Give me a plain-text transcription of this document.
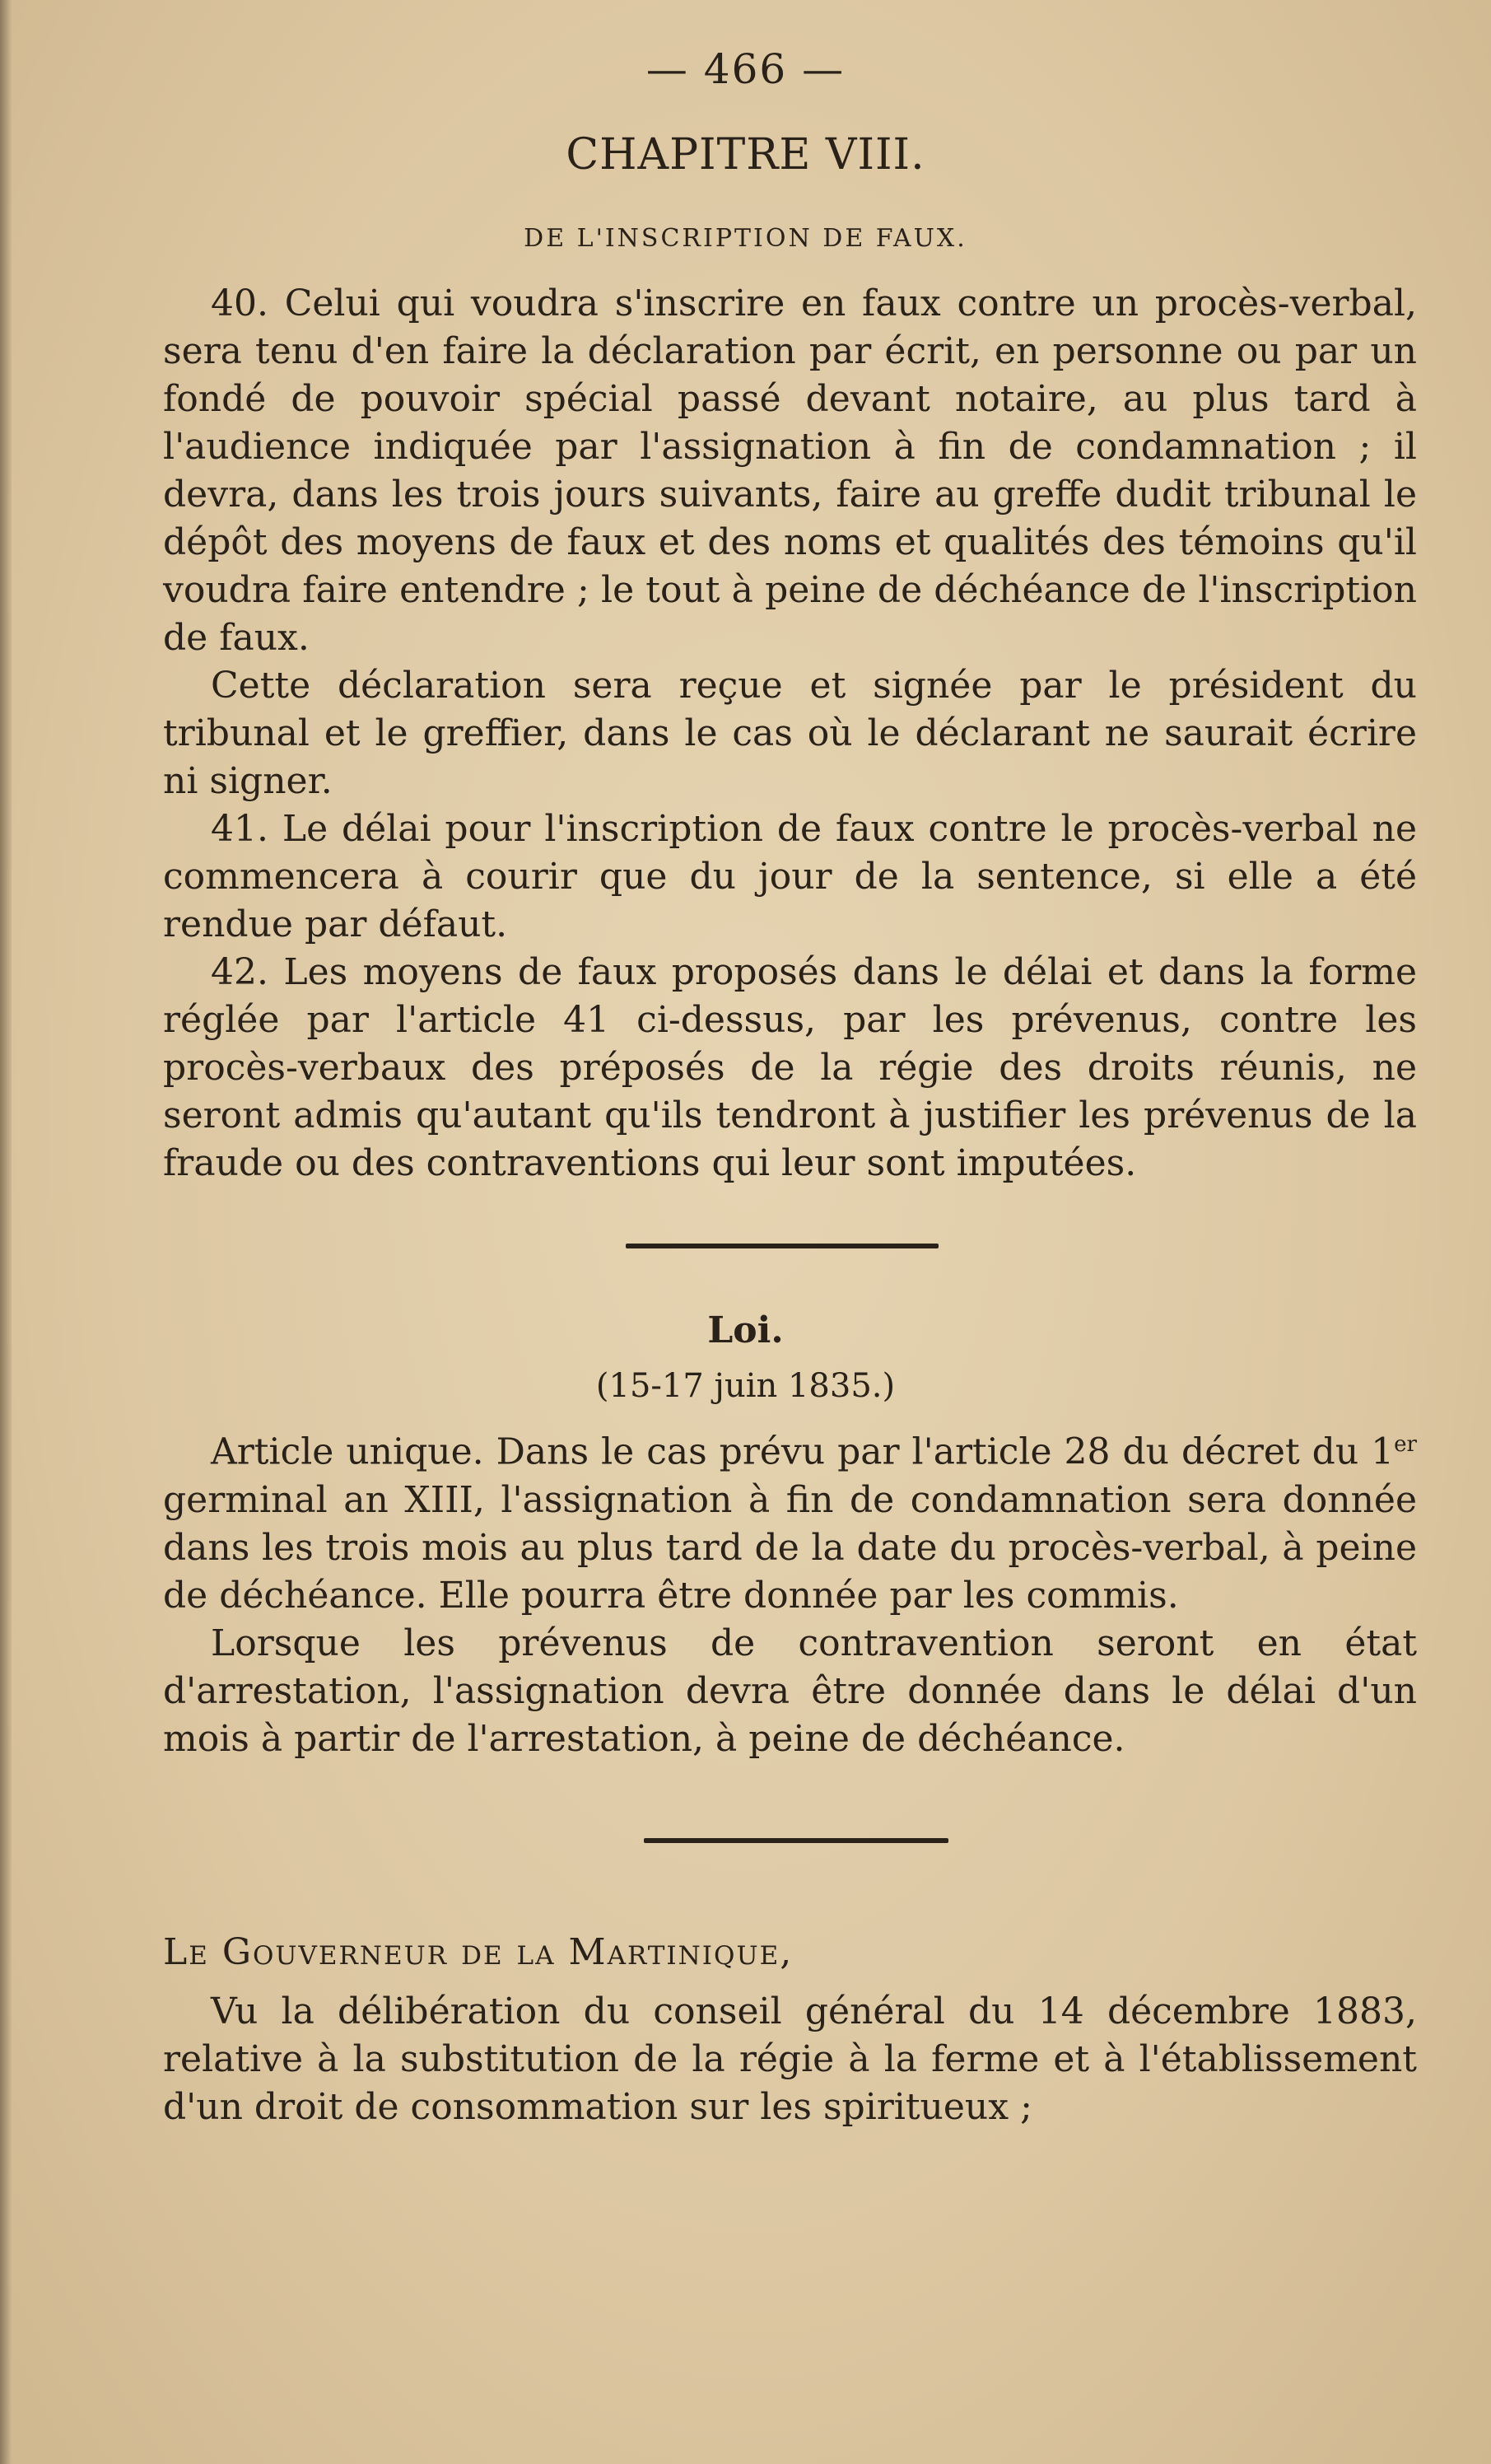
— 466 —
CHAPITRE VIII.
DE L'INSCRIPTION DE FAUX.

40. Celui qui voudra s'inscrire en faux contre un procès-verbal, sera tenu d'en faire la déclaration par écrit, en personne ou par un fondé de pouvoir spécial passé devant notaire, au plus tard à l'audience indiquée par l'assignation à fin de condamnation ; il devra, dans les trois jours suivants, faire au greffe dudit tribunal le dépôt des moyens de faux et des noms et qualités des témoins qu'il voudra faire entendre ; le tout à peine de déchéance de l'inscription de faux.

Cette déclaration sera reçue et signée par le président du tribunal et le greffier, dans le cas où le déclarant ne saurait écrire ni signer.

41. Le délai pour l'inscription de faux contre le procès-verbal ne commencera à courir que du jour de la sentence, si elle a été rendue par défaut.

42. Les moyens de faux proposés dans le délai et dans la forme réglée par l'article 41 ci-dessus, par les prévenus, contre les procès-verbaux des préposés de la régie des droits réunis, ne seront admis qu'autant qu'ils tendront à justifier les prévenus de la fraude ou des contraventions qui leur sont imputées.

Loi.
(15-17 juin 1835.)

Article unique. Dans le cas prévu par l'article 28 du décret du 1er germinal an XIII, l'assignation à fin de condamnation sera donnée dans les trois mois au plus tard de la date du procès-verbal, à peine de déchéance. Elle pourra être donnée par les commis.

Lorsque les prévenus de contravention seront en état d'arrestation, l'assignation devra être donnée dans le délai d'un mois à partir de l'arrestation, à peine de déchéance.

Le Gouverneur de la Martinique,

Vu la délibération du conseil général du 14 décembre 1883, relative à la substitution de la régie à la ferme et à l'établissement d'un droit de consommation sur les spiritueux ;
